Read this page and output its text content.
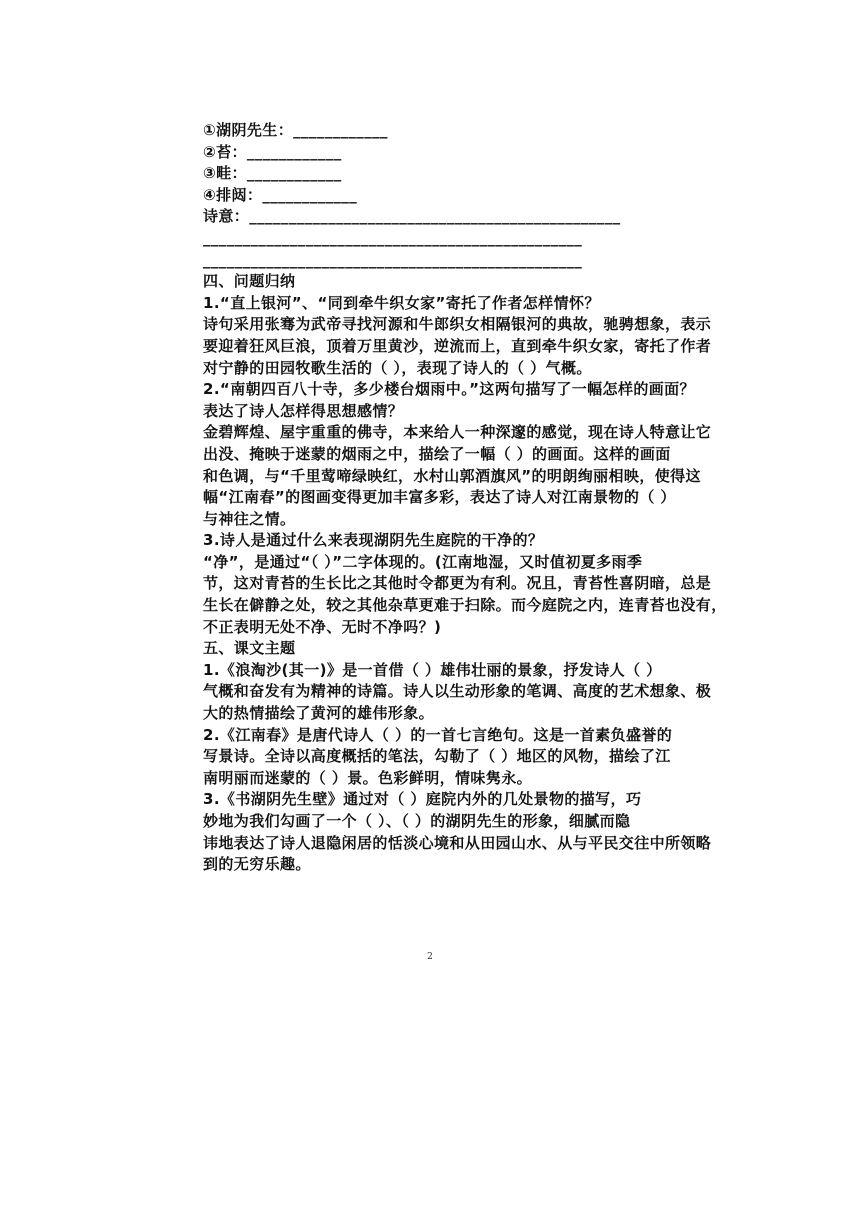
①湖阴先生：____________
②苔：____________
③畦：____________
④排闼：____________
诗意：_______________________________________________
________________________________________________
________________________________________________
四、问题归纳
1.“直上银河”、“同到牵牛织女家”寄托了作者怎样情怀？
诗句采用张骞为武帝寻找河源和牛郎织女相隔银河的典故，驰骋想象，表示
要迎着狂风巨浪，顶着万里黄沙，逆流而上，直到牵牛织女家，寄托了作者
对宁静的田园牧歌生活的（ ），表现了诗人的（ ）气概。
2.“南朝四百八十寺，多少楼台烟雨中。”这两句描写了一幅怎样的画面？
表达了诗人怎样得思想感情？
金碧辉煌、屋宇重重的佛寺，本来给人一种深邃的感觉，现在诗人特意让它
出没、掩映于迷蒙的烟雨之中，描绘了一幅（ ）的画面。这样的画面
和色调，与“千里莺啼绿映红，水村山郭酒旗风”的明朗绚丽相映，使得这
幅“江南春”的图画变得更加丰富多彩，表达了诗人对江南景物的（ ）
与神往之情。
3.诗人是通过什么来表现湖阴先生庭院的干净的？
“净”，是通过“（ ）”二字体现的。(江南地湿，又时值初夏多雨季
节，这对青苔的生长比之其他时令都更为有利。况且，青苔性喜阴暗，总是
生长在僻静之处，较之其他杂草更难于扫除。而今庭院之内，连青苔也没有，
不正表明无处不净、无时不净吗？)
五、课文主题
1.《浪淘沙(其一)》是一首借（ ）雄伟壮丽的景象，抒发诗人（ ）
气概和奋发有为精神的诗篇。诗人以生动形象的笔调、高度的艺术想象、极
大的热情描绘了黄河的雄伟形象。
2.《江南春》是唐代诗人（ ）的一首七言绝句。这是一首素负盛誉的
写景诗。全诗以高度概括的笔法，勾勒了（ ）地区的风物，描绘了江
南明丽而迷蒙的（ ）景。色彩鲜明，情味隽永。
3.《书湖阴先生壁》通过对（ ）庭院内外的几处景物的描写，巧
妙地为我们勾画了一个（ ）、（ ）的湖阴先生的形象，细腻而隐
讳地表达了诗人退隐闲居的恬淡心境和从田园山水、从与平民交往中所领略
到的无穷乐趣。
2
